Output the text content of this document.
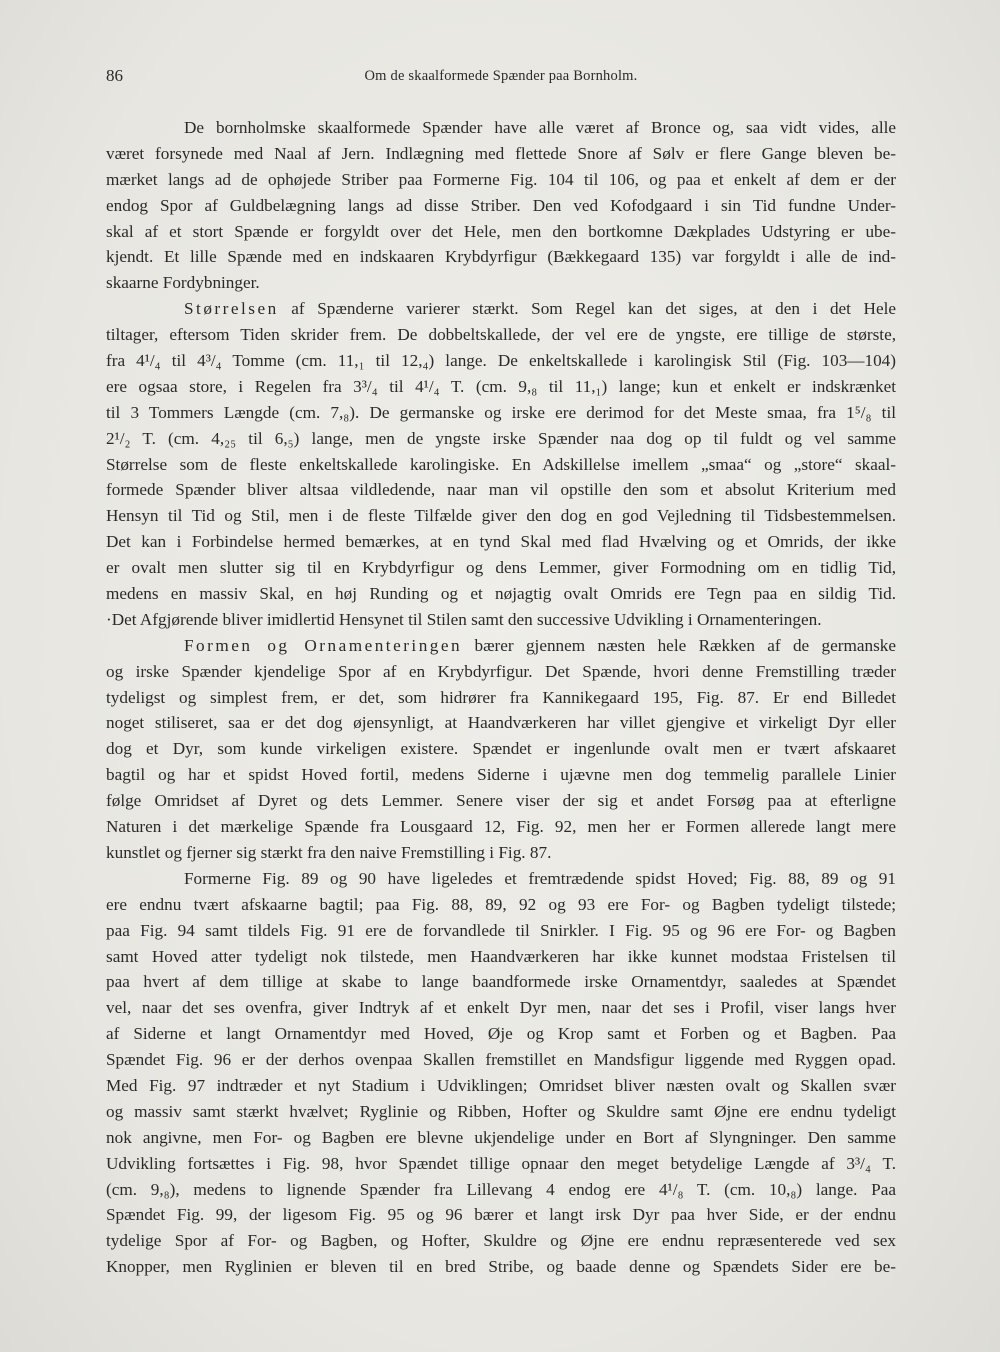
86	Om de skaalformede Spænder paa Bornholm.
De bornholmske skaalformede Spænder have alle været af Bronce og, saa vidt vides, alle
været forsynede med Naal af Jern. Indlægning med flettede Snore af Sølv er flere Gange bleven be-
mærket langs ad de ophøjede Striber paa Formerne Fig. 104 til 106, og paa et enkelt af dem er der
endog Spor af Guldbelægning langs ad disse Striber. Den ved Kofodgaard i sin Tid fundne Under-
skal af et stort Spænde er forgyldt over det Hele, men den bortkomne Dækplades Udstyring er ube-
kjendt. Et lille Spænde med en indskaaren Krybdyrfigur (Bækkegaard 135) var forgyldt i alle de ind-
skaarne Fordybninger.
Størrelsen af Spænderne varierer stærkt. Som Regel kan det siges, at den i det Hele
tiltager, eftersom Tiden skrider frem. De dobbeltskallede, der vel ere de yngste, ere tillige de største,
fra 4¹/₄ til 4³/₄ Tomme (cm. 11,₁ til 12,₄) lange. De enkeltskallede i karolingisk Stil (Fig. 103—104)
ere ogsaa store, i Regelen fra 3³/₄ til 4¹/₄ T. (cm. 9,₈ til 11,₁) lange; kun et enkelt er indskrænket
til 3 Tommers Længde (cm. 7,₈). De germanske og irske ere derimod for det Meste smaa, fra 1⁵/₈ til
2¹/₂ T. (cm. 4,₂₅ til 6,₅) lange, men de yngste irske Spænder naa dog op til fuldt og vel samme
Størrelse som de fleste enkeltskallede karolingiske. En Adskillelse imellem „smaa“ og „store“ skaal-
formede Spænder bliver altsaa vildledende, naar man vil opstille den som et absolut Kriterium med
Hensyn til Tid og Stil, men i de fleste Tilfælde giver den dog en god Vejledning til Tidsbestemmelsen.
Det kan i Forbindelse hermed bemærkes, at en tynd Skal med flad Hvælving og et Omrids, der ikke
er ovalt men slutter sig til en Krybdyrfigur og dens Lemmer, giver Formodning om en tidlig Tid,
medens en massiv Skal, en høj Runding og et nøjagtig ovalt Omrids ere Tegn paa en sildig Tid.
·Det Afgjørende bliver imidlertid Hensynet til Stilen samt den successive Udvikling i Ornamenteringen.
Formen og Ornamenteringen bærer gjennem næsten hele Rækken af de germanske
og irske Spænder kjendelige Spor af en Krybdyrfigur. Det Spænde, hvori denne Fremstilling træder
tydeligst og simplest frem, er det, som hidrører fra Kannikegaard 195, Fig. 87. Er end Billedet
noget stiliseret, saa er det dog øjensynligt, at Haandværkeren har villet gjengive et virkeligt Dyr eller
dog et Dyr, som kunde virkeligen existere. Spændet er ingenlunde ovalt men er tvært afskaaret
bagtil og har et spidst Hoved fortil, medens Siderne i ujævne men dog temmelig parallele Linier
følge Omridset af Dyret og dets Lemmer. Senere viser der sig et andet Forsøg paa at efterligne
Naturen i det mærkelige Spænde fra Lousgaard 12, Fig. 92, men her er Formen allerede langt mere
kunstlet og fjerner sig stærkt fra den naive Fremstilling i Fig. 87.
Formerne Fig. 89 og 90 have ligeledes et fremtrædende spidst Hoved; Fig. 88, 89 og 91
ere endnu tvært afskaarne bagtil; paa Fig. 88, 89, 92 og 93 ere For- og Bagben tydeligt tilstede;
paa Fig. 94 samt tildels Fig. 91 ere de forvandlede til Snirkler. I Fig. 95 og 96 ere For- og Bagben
samt Hoved atter tydeligt nok tilstede, men Haandværkeren har ikke kunnet modstaa Fristelsen til
paa hvert af dem tillige at skabe to lange baandformede irske Ornamentdyr, saaledes at Spændet
vel, naar det ses ovenfra, giver Indtryk af et enkelt Dyr men, naar det ses i Profil, viser langs hver
af Siderne et langt Ornamentdyr med Hoved, Øje og Krop samt et Forben og et Bagben. Paa
Spændet Fig. 96 er der derhos ovenpaa Skallen fremstillet en Mandsfigur liggende med Ryggen opad.
Med Fig. 97 indtræder et nyt Stadium i Udviklingen; Omridset bliver næsten ovalt og Skallen svær
og massiv samt stærkt hvælvet; Ryglinie og Ribben, Hofter og Skuldre samt Øjne ere endnu tydeligt
nok angivne, men For- og Bagben ere blevne ukjendelige under en Bort af Slyngninger. Den samme
Udvikling fortsættes i Fig. 98, hvor Spændet tillige opnaar den meget betydelige Længde af 3³/₄ T.
(cm. 9,₈), medens to lignende Spænder fra Lillevang 4 endog ere 4¹/₈ T. (cm. 10,₈) lange. Paa
Spændet Fig. 99, der ligesom Fig. 95 og 96 bærer et langt irsk Dyr paa hver Side, er der endnu
tydelige Spor af For- og Bagben, og Hofter, Skuldre og Øjne ere endnu repræsenterede ved sex
Knopper, men Ryglinien er bleven til en bred Stribe, og baade denne og Spændets Sider ere be-
